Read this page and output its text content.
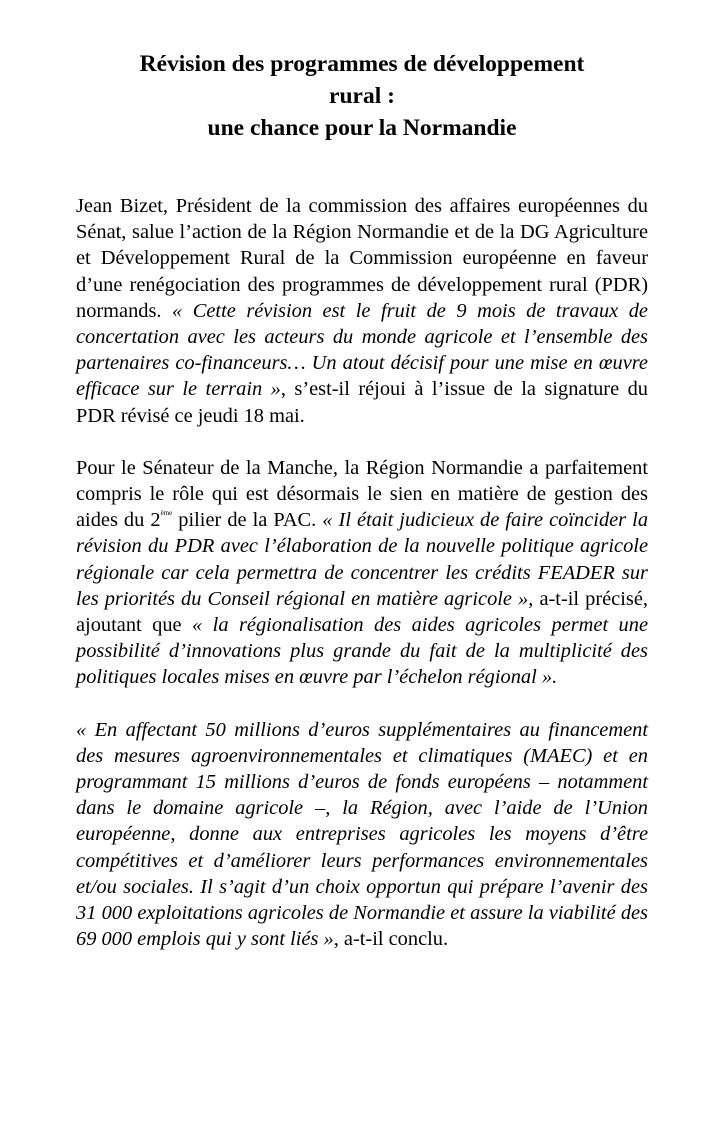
Révision des programmes de développement
rural :
une chance pour la Normandie

Jean Bizet, Président de la commission des affaires européennes du Sénat, salue l’action de la Région Normandie et de la DG Agriculture et Développement Rural de la Commission européenne en faveur d’une renégociation des programmes de développement rural (PDR) normands. « Cette révision est le fruit de 9 mois de travaux de concertation avec les acteurs du monde agricole et l’ensemble des partenaires co-financeurs… Un atout décisif pour une mise en œuvre efficace sur le terrain », s’est-il réjoui à l’issue de la signature du PDR révisé ce jeudi 18 mai.

Pour le Sénateur de la Manche, la Région Normandie a parfaitement compris le rôle qui est désormais le sien en matière de gestion des aides du 2ème pilier de la PAC. « Il était judicieux de faire coïncider la révision du PDR avec l’élaboration de la nouvelle politique agricole régionale car cela permettra de concentrer les crédits FEADER sur les priorités du Conseil régional en matière agricole », a-t-il précisé, ajoutant que « la régionalisation des aides agricoles permet une possibilité d’innovations plus grande du fait de la multiplicité des politiques locales mises en œuvre par l’échelon régional ».

« En affectant 50 millions d’euros supplémentaires au financement des mesures agroenvironnementales et climatiques (MAEC) et en programmant 15 millions d’euros de fonds européens – notamment dans le domaine agricole –, la Région, avec l’aide de l’Union européenne, donne aux entreprises agricoles les moyens d’être compétitives et d’améliorer leurs performances environnementales et/ou sociales. Il s’agit d’un choix opportun qui prépare l’avenir des 31 000 exploitations agricoles de Normandie et assure la viabilité des 69 000 emplois qui y sont liés », a-t-il conclu.
